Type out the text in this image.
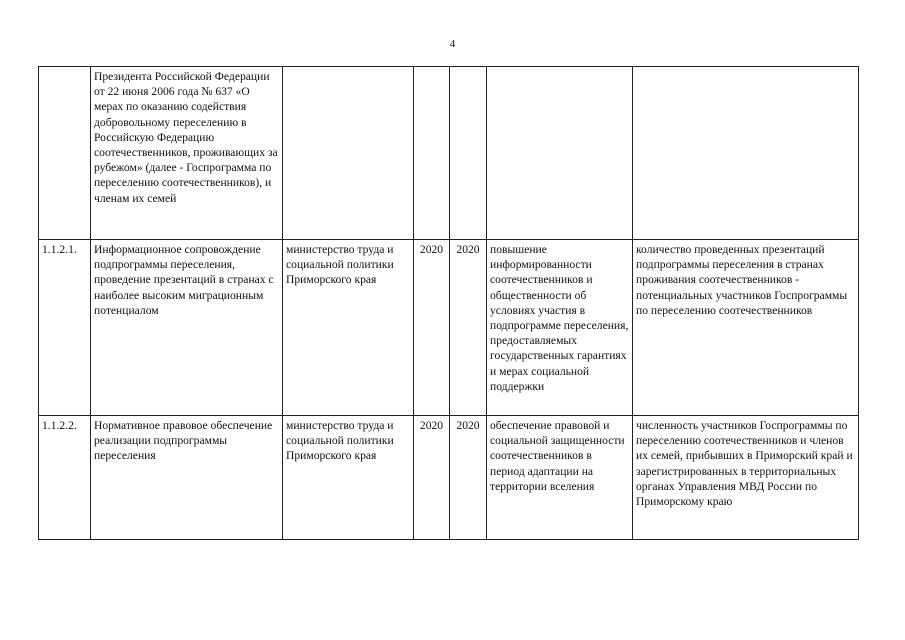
4
	Президента Российской Федерации от 22 июня 2006 года № 637 «О мерах по оказанию содействия добровольному переселению в Российскую Федерацию соотечественников, проживающих за рубежом» (далее - Госпрограмма по переселению соотечественников), и членам их семей					
1.1.2.1.	Информационное сопровождение подпрограммы переселения, проведение презентаций в странах с наиболее высоким миграционным потенциалом	министерство труда и социальной политики Приморского края	2020	2020	повышение информированности соотечественников и общественности об условиях участия в подпрограмме переселения, предоставляемых государственных гарантиях и мерах социальной поддержки	количество проведенных презентаций подпрограммы переселения в странах проживания соотечественников - потенциальных участников Госпрограммы по переселению соотечественников
1.1.2.2.	Нормативное правовое обеспечение реализации подпрограммы переселения	министерство труда и социальной политики Приморского края	2020	2020	обеспечение правовой и социальной защищенности соотечественников в период адаптации на территории вселения	численность участников Госпрограммы по переселению соотечественников и членов их семей, прибывших в Приморский край и зарегистрированных в территориальных органах Управления МВД России по Приморскому краю
